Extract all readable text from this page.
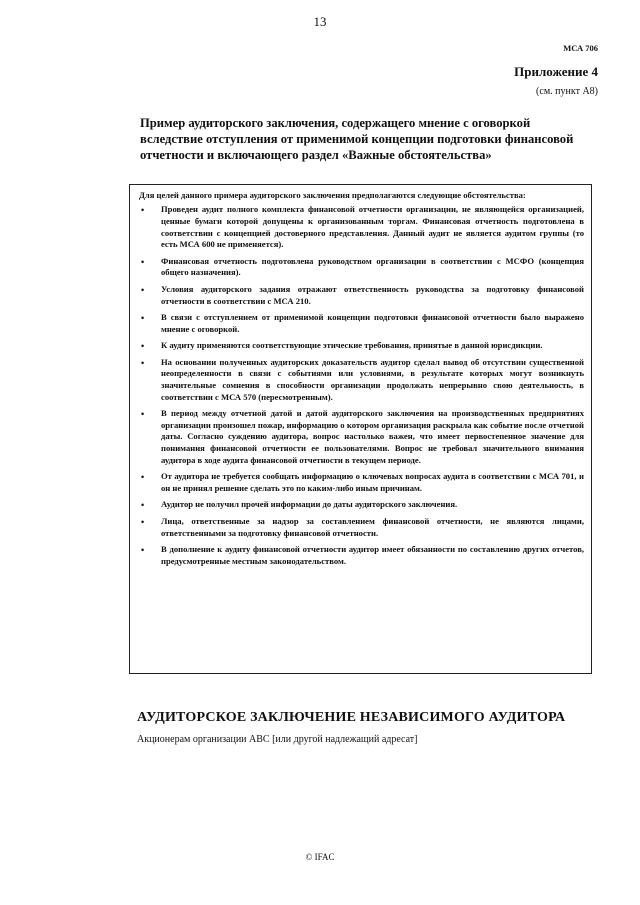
13
МСА 706
Приложение 4
(см. пункт А8)
Пример аудиторского заключения, содержащего мнение с оговоркой вследствие отступления от применимой концепции подготовки финансовой отчетности и включающего раздел «Важные обстоятельства»

Для целей данного примера аудиторского заключения предполагаются следующие обстоятельства:

• Проведен аудит полного комплекта финансовой отчетности организации, не являющейся организацией, ценные бумаги которой допущены к организованным торгам. Финансовая отчетность подготовлена в соответствии с концепцией достоверного представления. Данный аудит не является аудитом группы (то есть МСА 600 не применяется).
• Финансовая отчетность подготовлена руководством организации в соответствии с МСФО (концепция общего назначения).
• Условия аудиторского задания отражают ответственность руководства за подготовку финансовой отчетности в соответствии с МСА 210.
• В связи с отступлением от применимой концепции подготовки финансовой отчетности было выражено мнение с оговоркой.
• К аудиту применяются соответствующие этические требования, принятые в данной юрисдикции.
• На основании полученных аудиторских доказательств аудитор сделал вывод об отсутствии существенной неопределенности в связи с событиями или условиями, в результате которых могут возникнуть значительные сомнения в способности организации продолжать непрерывно свою деятельность, в соответствии с МСА 570 (пересмотренным).
• В период между отчетной датой и датой аудиторского заключения на производственных предприятиях организации произошел пожар, информацию о котором организация раскрыла как событие после отчетной даты. Согласно суждению аудитора, вопрос настолько важен, что имеет первостепенное значение для понимания финансовой отчетности ее пользователями. Вопрос не требовал значительного внимания аудитора в ходе аудита финансовой отчетности в текущем периоде.
• От аудитора не требуется сообщать информацию о ключевых вопросах аудита в соответствии с МСА 701, и он не принял решение сделать это по каким-либо иным причинам.
• Аудитор не получил прочей информации до даты аудиторского заключения.
• Лица, ответственные за надзор за составлением финансовой отчетности, не являются лицами, ответственными за подготовку финансовой отчетности.
• В дополнение к аудиту финансовой отчетности аудитор имеет обязанности по составлению других отчетов, предусмотренные местным законодательством.
АУДИТОРСКОЕ ЗАКЛЮЧЕНИЕ НЕЗАВИСИМОГО АУДИТОРА
Акционерам организации ABC [или другой надлежащий адресат]
© IFAC
